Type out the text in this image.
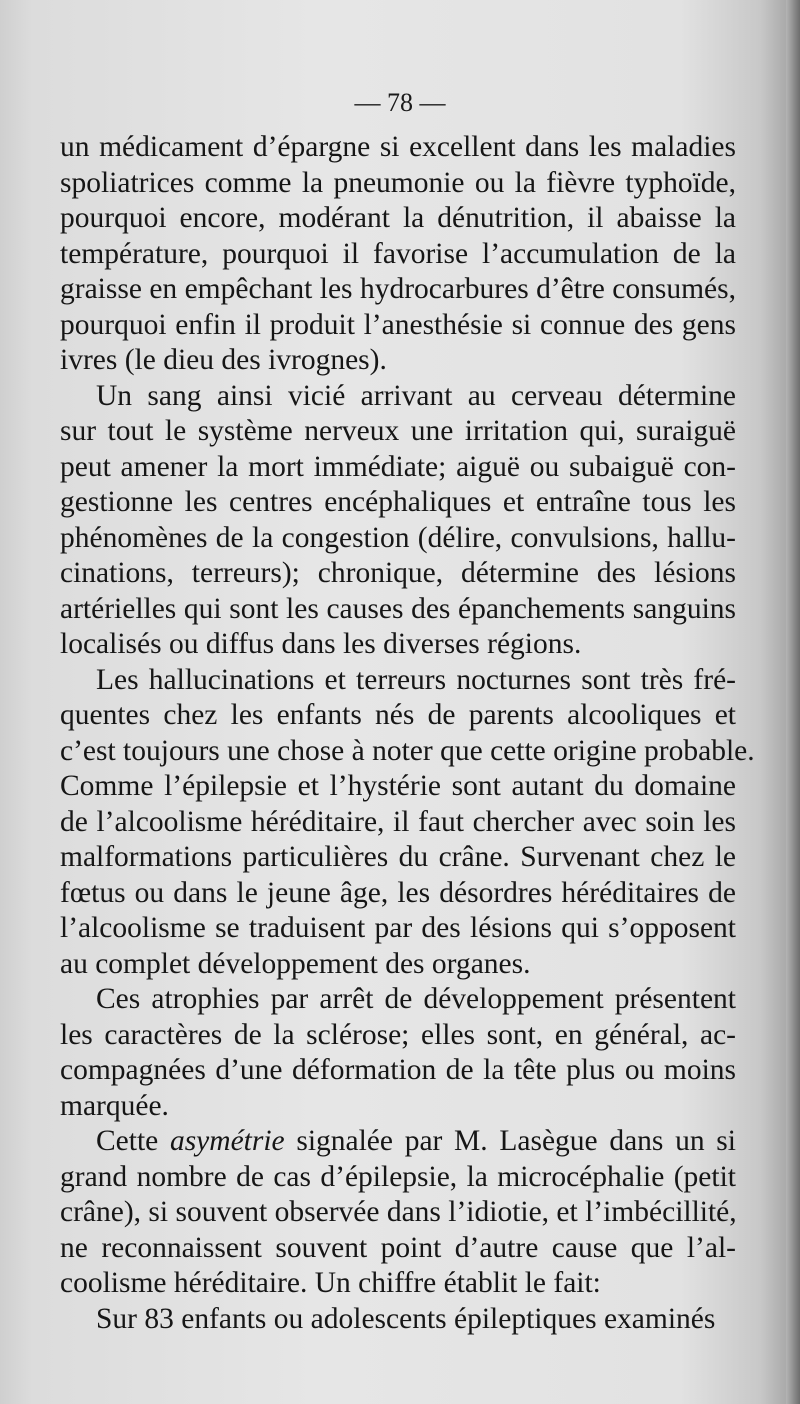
— 78 —
un médicament d’épargne si excellent dans les maladies
spoliatrices comme la pneumonie ou la fièvre typhoïde,
pourquoi encore, modérant la dénutrition, il abaisse la
température, pourquoi il favorise l’accumulation de la
graisse en empêchant les hydrocarbures d’être consumés,
pourquoi enfin il produit l’anesthésie si connue des gens
ivres (le dieu des ivrognes).
Un sang ainsi vicié arrivant au cerveau détermine
sur tout le système nerveux une irritation qui, suraiguë
peut amener la mort immédiate; aiguë ou subaiguë con-
gestionne les centres encéphaliques et entraîne tous les
phénomènes de la congestion (délire, convulsions, hallu-
cinations, terreurs); chronique, détermine des lésions
artérielles qui sont les causes des épanchements sanguins
localisés ou diffus dans les diverses régions.
Les hallucinations et terreurs nocturnes sont très fré-
quentes chez les enfants nés de parents alcooliques et
c’est toujours une chose à noter que cette origine probable.
Comme l’épilepsie et l’hystérie sont autant du domaine
de l’alcoolisme héréditaire, il faut chercher avec soin les
malformations particulières du crâne. Survenant chez le
fœtus ou dans le jeune âge, les désordres héréditaires de
l’alcoolisme se traduisent par des lésions qui s’opposent
au complet développement des organes.
Ces atrophies par arrêt de développement présentent
les caractères de la sclérose; elles sont, en général, ac-
compagnées d’une déformation de la tête plus ou moins
marquée.
Cette asymétrie signalée par M. Lasègue dans un si
grand nombre de cas d’épilepsie, la microcéphalie (petit
crâne), si souvent observée dans l’idiotie, et l’imbécillité,
ne reconnaissent souvent point d’autre cause que l’al-
coolisme héréditaire. Un chiffre établit le fait:
Sur 83 enfants ou adolescents épileptiques examinés
